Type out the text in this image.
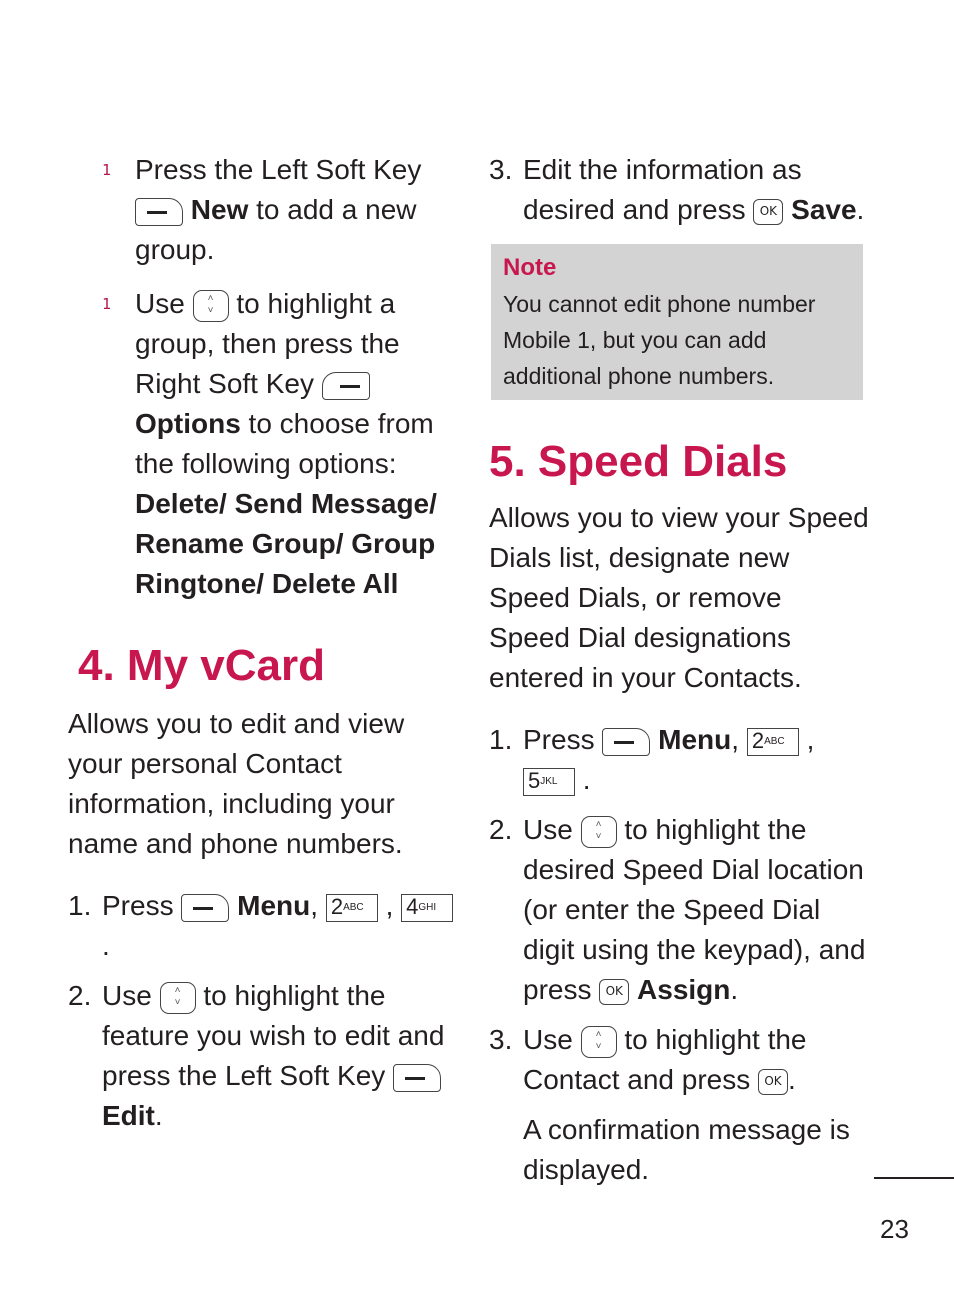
1 Press the Left Soft Key  New to add a new group.
1 Use ˄
˅ to highlight a group, then press the Right Soft Key  Options to choose from the following options: Delete/ Send Message/ Rename Group/ Group Ringtone/ Delete All
4. My vCard

Allows you to edit and view your personal Contact information, including your name and phone numbers.

1. Press Menu, 2ABC , 4GHI .
2. Use ˄
˅ to highlight the feature you wish to edit and press the Left Soft Key  Edit.
3. Edit the information as desired and press OK Save.
Note
You cannot edit phone number Mobile 1, but you can add additional phone numbers.
5. Speed Dials

Allows you to view your Speed Dials list, designate new Speed Dials, or remove Speed Dial designations entered in your Contacts.

1. Press Menu, 2ABC , 5JKL .
2. Use ˄
˅ to highlight the desired Speed Dial location (or enter the Speed Dial digit using the keypad), and press OK Assign.
3. Use ˄
˅ to highlight the Contact and press OK .

A confirmation message is displayed.

23
